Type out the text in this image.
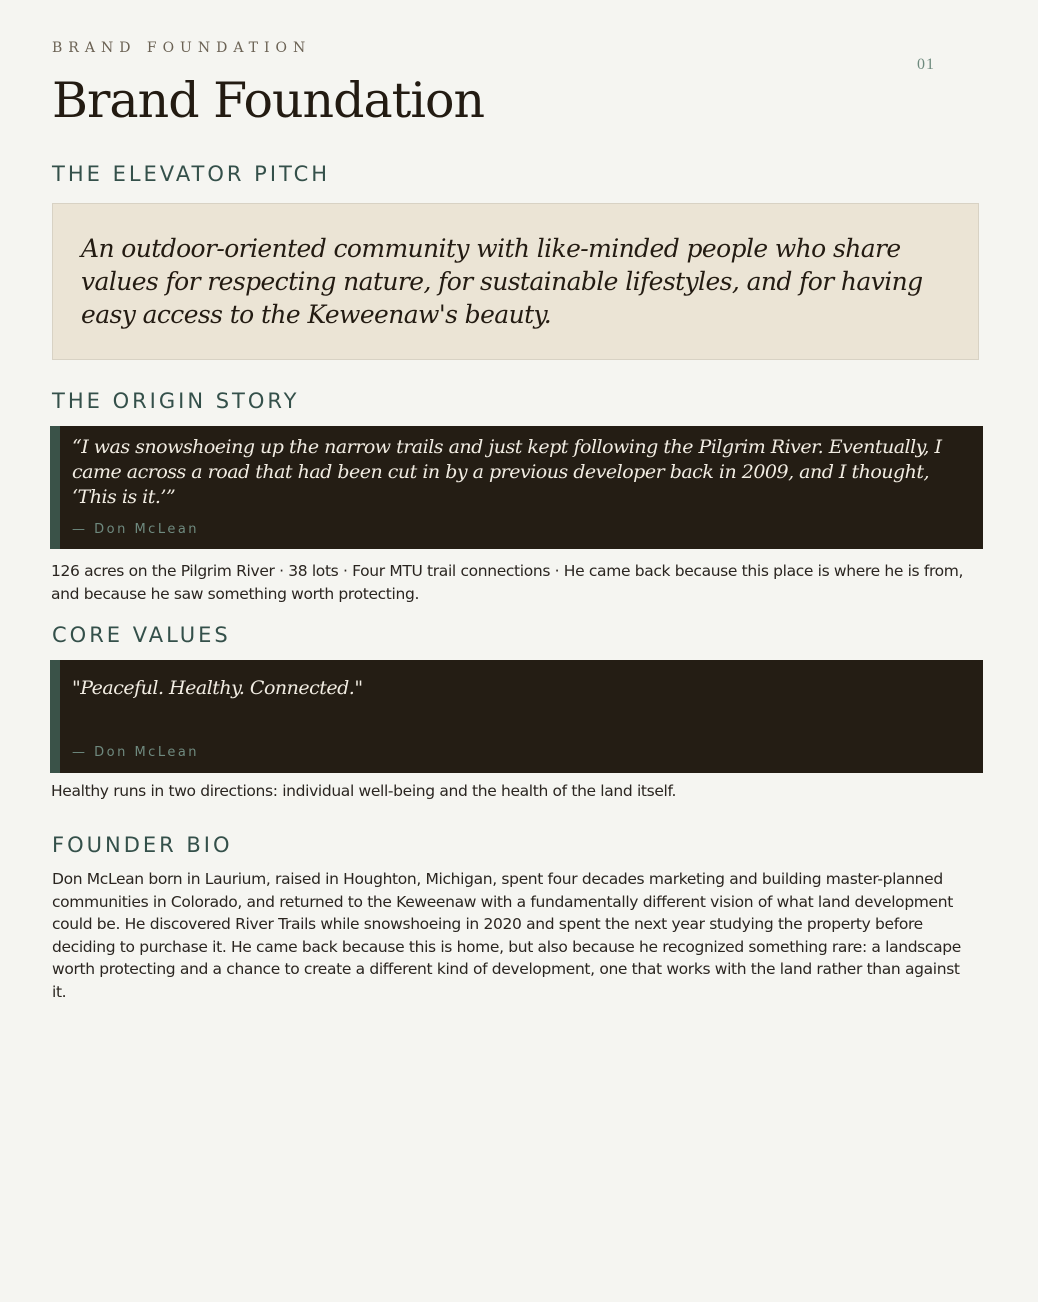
BRAND FOUNDATION
01
Brand Foundation
THE ELEVATOR PITCH

An outdoor-oriented community with like-minded people who share values for respecting nature, for sustainable lifestyles, and for having easy access to the Keweenaw's beauty.

THE ORIGIN STORY

“I was snowshoeing up the narrow trails and just kept following the Pilgrim River. Eventually, I came across a road that had been cut in by a previous developer back in 2009, and I thought, ‘This is it.’”

— Don McLean

126 acres on the Pilgrim River · 38 lots · Four MTU trail connections · He came back because this place is where he is from, and because he saw something worth protecting.

CORE VALUES

"Peaceful. Healthy. Connected."

— Don McLean

Healthy runs in two directions: individual well-being and the health of the land itself.

FOUNDER BIO

Don McLean born in Laurium, raised in Houghton, Michigan, spent four decades marketing and building master-planned communities in Colorado, and returned to the Keweenaw with a fundamentally different vision of what land development could be. He discovered River Trails while snowshoeing in 2020 and spent the next year studying the property before deciding to purchase it. He came back because this is home, but also because he recognized something rare: a landscape worth protecting and a chance to create a different kind of development, one that works with the land rather than against it.
